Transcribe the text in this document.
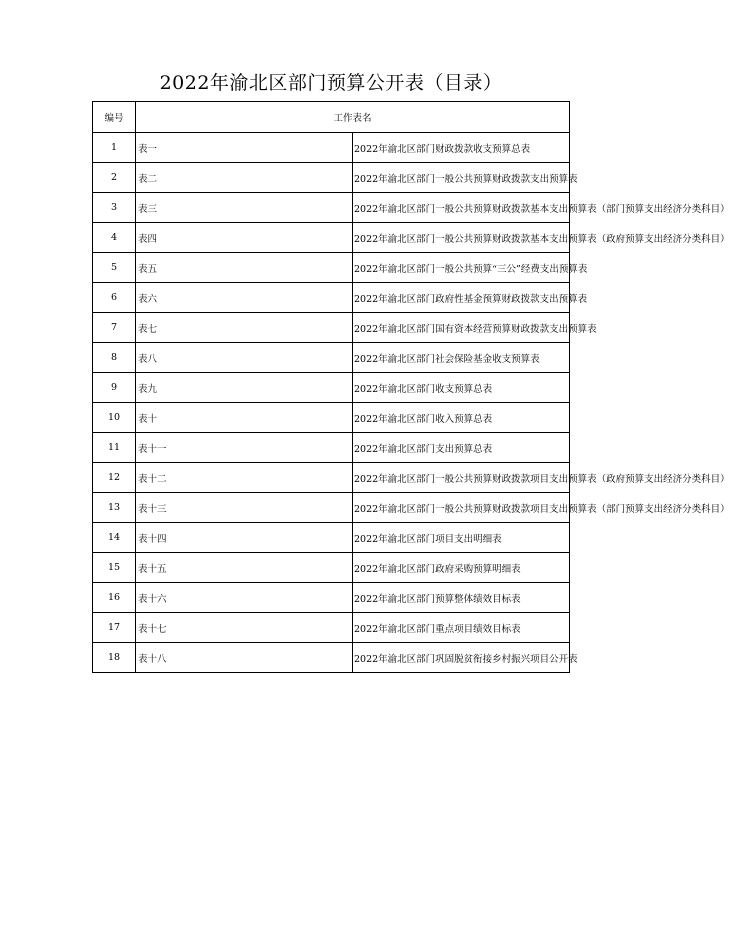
2022年渝北区部门预算公开表（目录）
编号	工作表名	
1	表一	2022年渝北区部门财政拨款收支预算总表
2	表二	2022年渝北区部门一般公共预算财政拨款支出预算表
3	表三	2022年渝北区部门一般公共预算财政拨款基本支出预算表（部门预算支出经济分类科目）
4	表四	2022年渝北区部门一般公共预算财政拨款基本支出预算表（政府预算支出经济分类科目）
5	表五	2022年渝北区部门一般公共预算“三公”经费支出预算表
6	表六	2022年渝北区部门政府性基金预算财政拨款支出预算表
7	表七	2022年渝北区部门国有资本经营预算财政拨款支出预算表
8	表八	2022年渝北区部门社会保险基金收支预算表
9	表九	2022年渝北区部门收支预算总表
10	表十	2022年渝北区部门收入预算总表
11	表十一	2022年渝北区部门支出预算总表
12	表十二	2022年渝北区部门一般公共预算财政拨款项目支出预算表（政府预算支出经济分类科目）
13	表十三	2022年渝北区部门一般公共预算财政拨款项目支出预算表（部门预算支出经济分类科目）
14	表十四	2022年渝北区部门项目支出明细表
15	表十五	2022年渝北区部门政府采购预算明细表
16	表十六	2022年渝北区部门预算整体绩效目标表
17	表十七	2022年渝北区部门重点项目绩效目标表
18	表十八	2022年渝北区部门巩固脱贫衔接乡村振兴项目公开表
